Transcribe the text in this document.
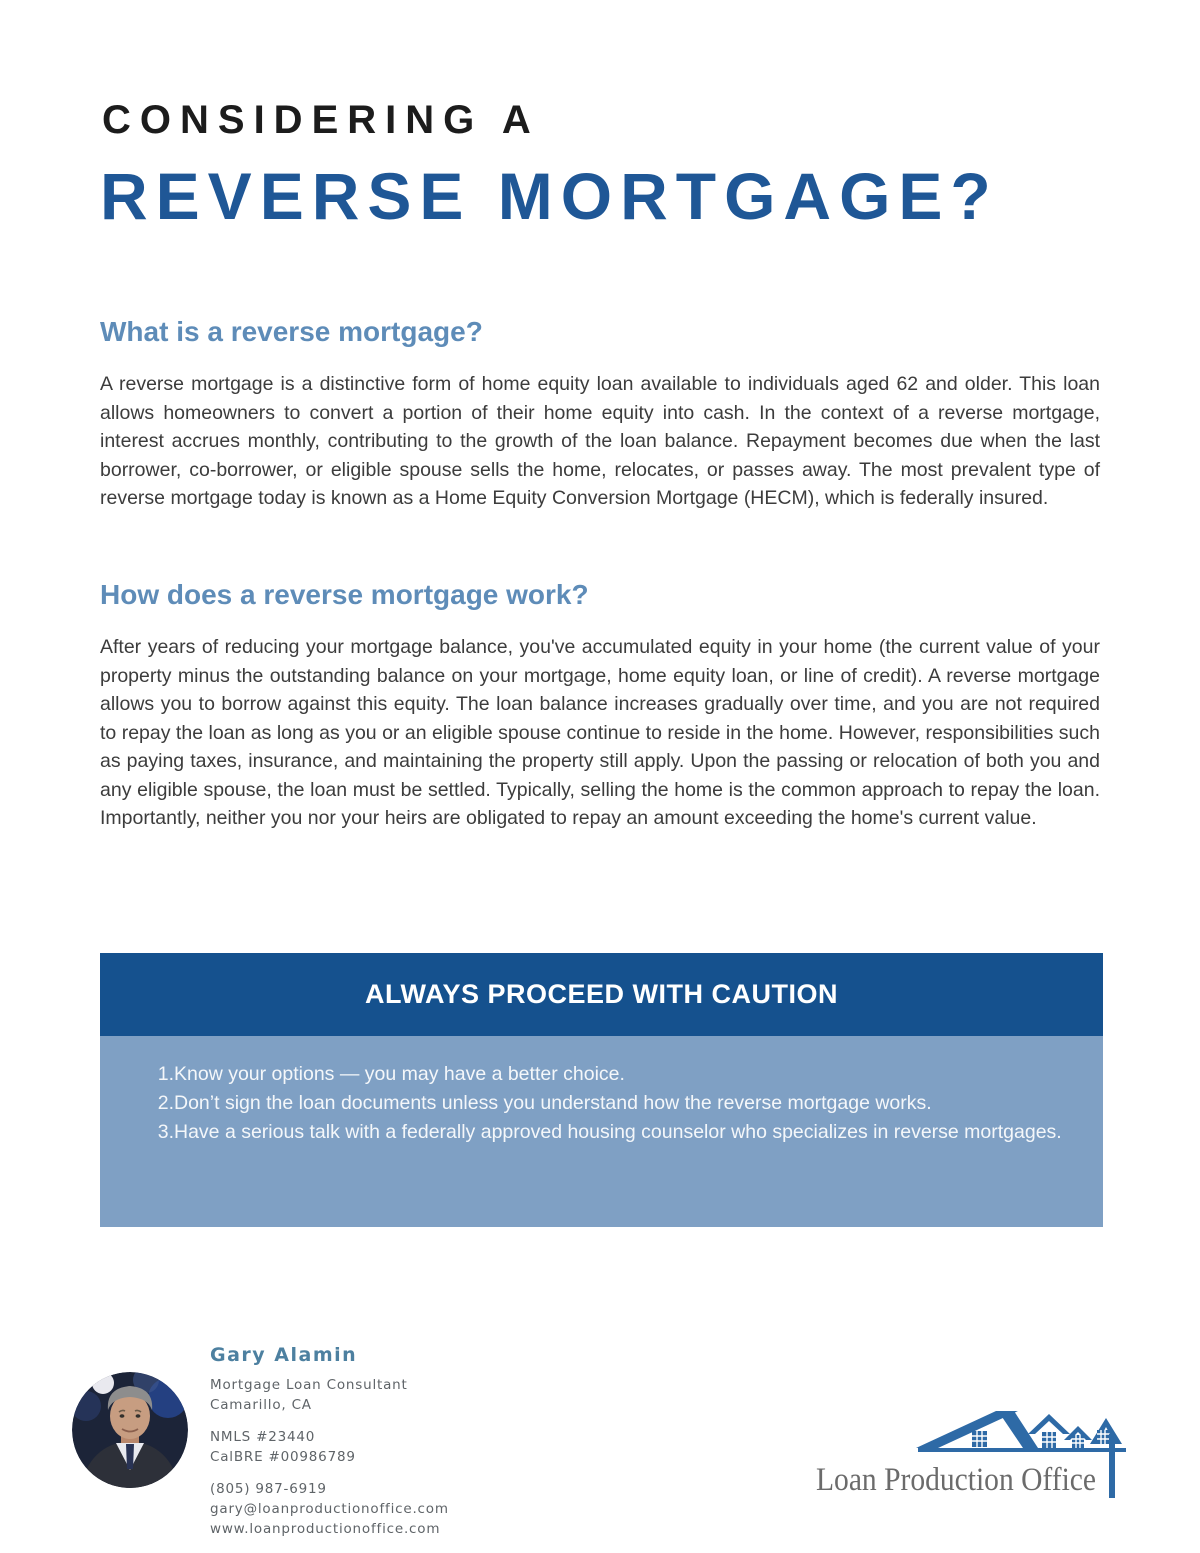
CONSIDERING A
REVERSE MORTGAGE?
What is a reverse mortgage?

A reverse mortgage is a distinctive form of home equity loan available to individuals aged 62 and older. This loan allows homeowners to convert a portion of their home equity into cash. In the context of a reverse mortgage, interest accrues monthly, contributing to the growth of the loan balance. Repayment becomes due when the last borrower, co-borrower, or eligible spouse sells the home, relocates, or passes away. The most prevalent type of reverse mortgage today is known as a Home Equity Conversion Mortgage (HECM), which is federally insured.

How does a reverse mortgage work?

After years of reducing your mortgage balance, you've accumulated equity in your home (the current value of your property minus the outstanding balance on your mortgage, home equity loan, or line of credit). A reverse mortgage allows you to borrow against this equity. The loan balance increases gradually over time, and you are not required to repay the loan as long as you or an eligible spouse continue to reside in the home. However, responsibilities such as paying taxes, insurance, and maintaining the property still apply. Upon the passing or relocation of both you and any eligible spouse, the loan must be settled. Typically, selling the home is the common approach to repay the loan. Importantly, neither you nor your heirs are obligated to repay an amount exceeding the home's current value.

ALWAYS PROCEED WITH CAUTION
1. Know your options — you may have a better choice.
2. Don’t sign the loan documents unless you understand how the reverse mortgage works.
3. Have a serious talk with a federally approved housing counselor who specializes in reverse mortgages.
Gary Alamin
Mortgage Loan Consultant
Camarillo, CA
NMLS #23440
CalBRE #00986789
(805) 987-6919
gary@loanproductionoffice.com
www.loanproductionoffice.com
Loan Production Office
